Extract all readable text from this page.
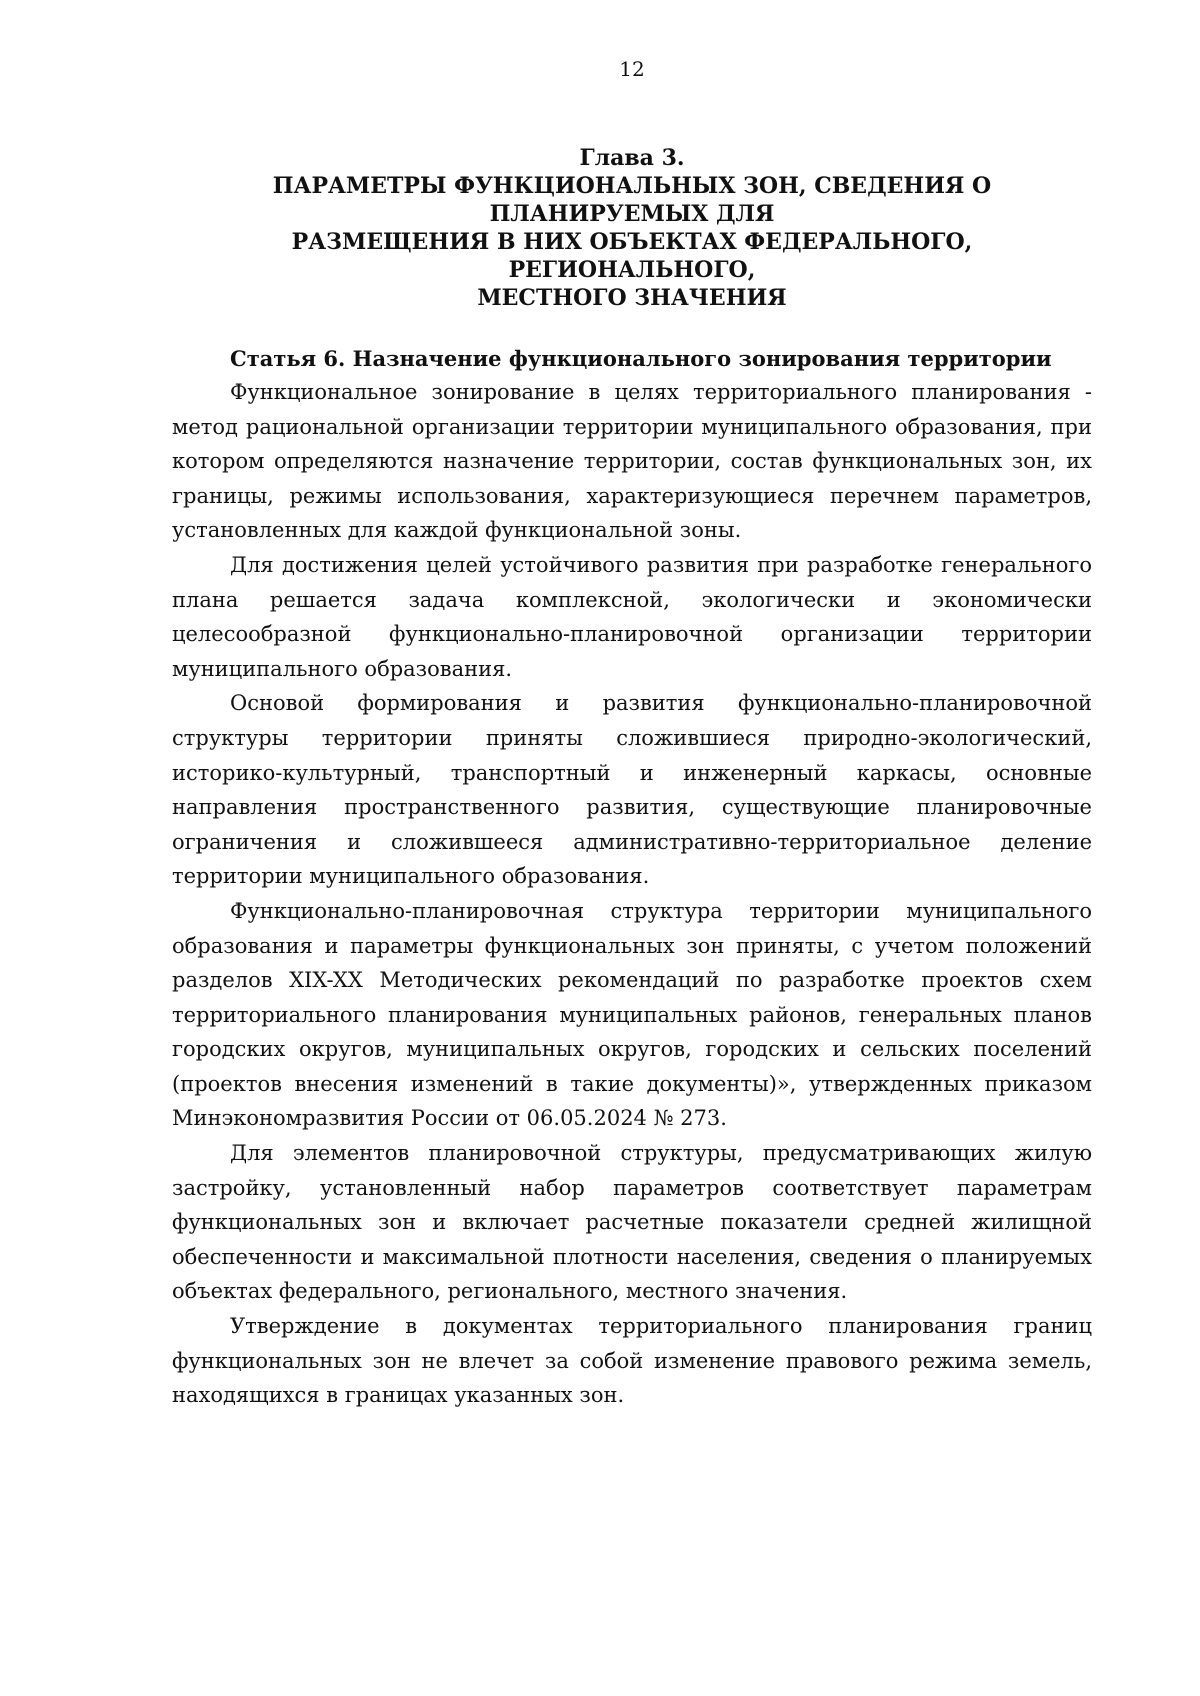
12
Глава 3.
ПАРАМЕТРЫ ФУНКЦИОНАЛЬНЫХ ЗОН, СВЕДЕНИЯ О ПЛАНИРУЕМЫХ ДЛЯ
РАЗМЕЩЕНИЯ В НИХ ОБЪЕКТАХ ФЕДЕРАЛЬНОГО, РЕГИОНАЛЬНОГО,
МЕСТНОГО ЗНАЧЕНИЯ
Статья 6. Назначение функционального зонирования территории

Функциональное зонирование в целях территориального планирования - метод рациональной организации территории муниципального образования, при котором определяются назначение территории, состав функциональных зон, их границы, режимы использования, характеризующиеся перечнем параметров, установленных для каждой функциональной зоны.

Для достижения целей устойчивого развития при разработке генерального плана решается задача комплексной, экологически и экономически целесообразной функционально-планировочной организации территории муниципального образования.

Основой формирования и развития функционально-планировочной структуры территории приняты сложившиеся природно-экологический, историко-культурный, транспортный и инженерный каркасы, основные направления пространственного развития, существующие планировочные ограничения и сложившееся административно-территориальное деление территории муниципального образования.

Функционально-планировочная структура территории муниципального образования и параметры функциональных зон приняты, с учетом положений разделов XIX-XX Методических рекомендаций по разработке проектов схем территориального планирования муниципальных районов, генеральных планов городских округов, муниципальных округов, городских и сельских поселений (проектов внесения изменений в такие документы)», утвержденных приказом Минэкономразвития России от 06.05.2024 № 273.

Для элементов планировочной структуры, предусматривающих жилую застройку, установленный набор параметров соответствует параметрам функциональных зон и включает расчетные показатели средней жилищной обеспеченности и максимальной плотности населения, сведения о планируемых объектах федерального, регионального, местного значения.

Утверждение в документах территориального планирования границ функциональных зон не влечет за собой изменение правового режима земель, находящихся в границах указанных зон.
